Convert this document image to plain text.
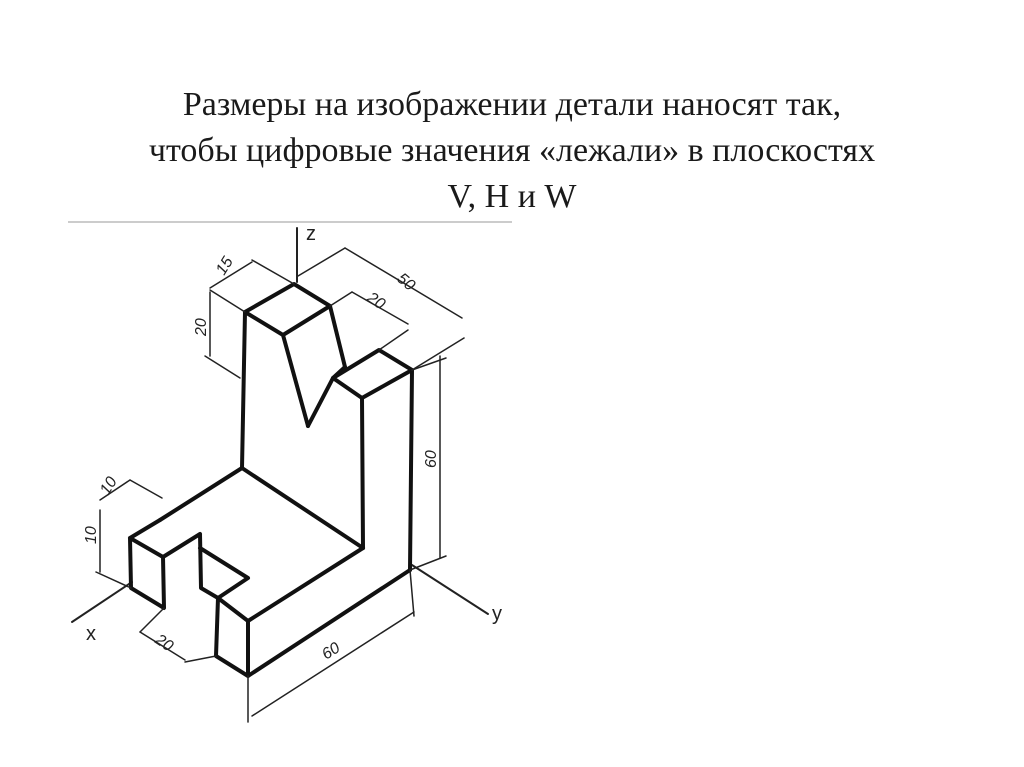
Размеры на изображении детали наносят так,
чтобы цифровые значения «лежали» в плоскостях
V, H и W
z
y
x
15
20
50
20
60
10
10
20	60
